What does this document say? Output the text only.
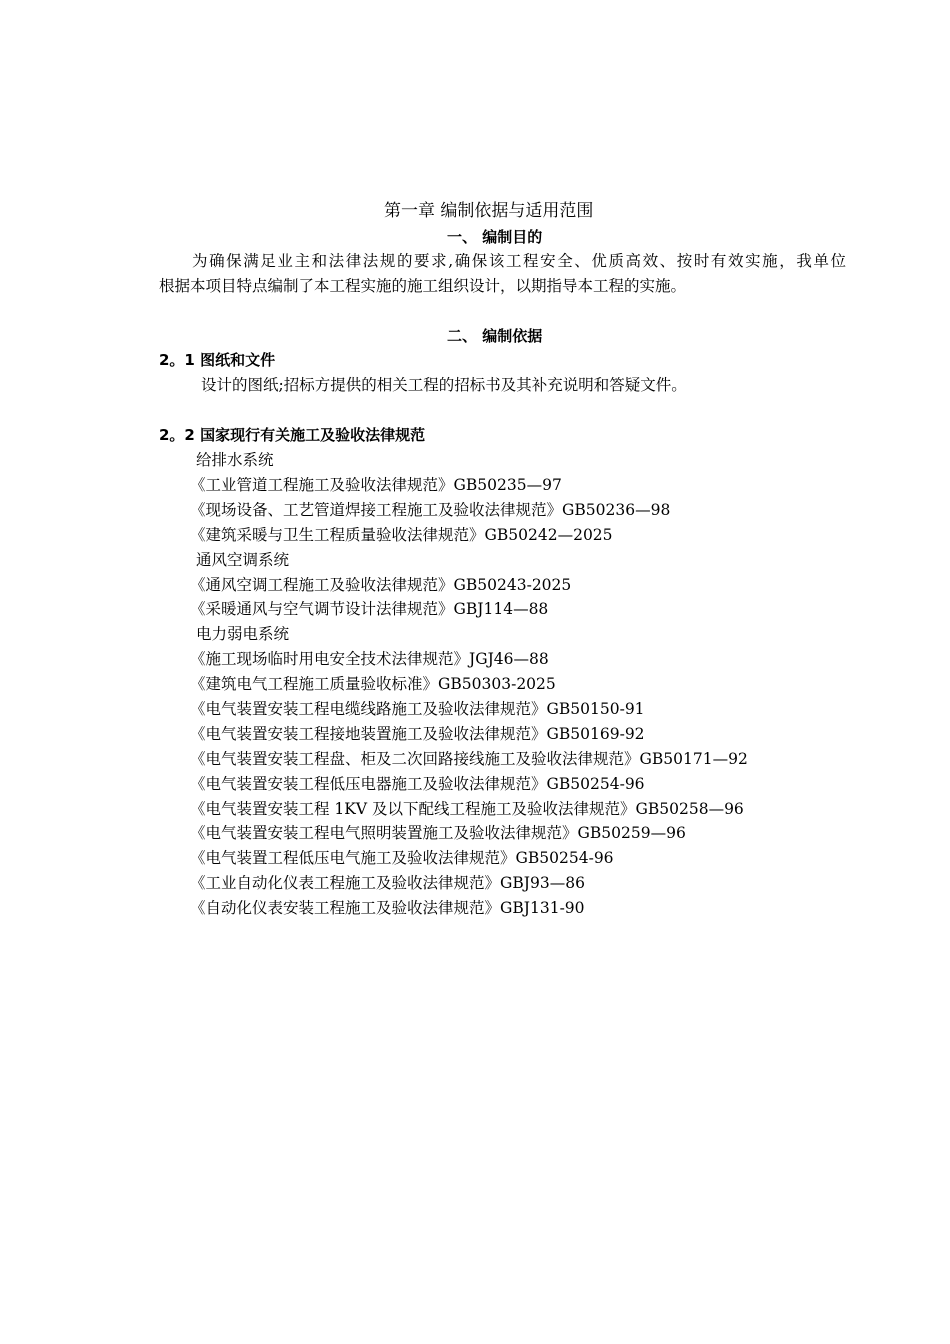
第一章 编制依据与适用范围
一、 编制目的
为确保满足业主和法律法规的要求,确保该工程安全、优质高效、按时有效实施，我单位
根据本项目特点编制了本工程实施的施工组织设计，以期指导本工程的实施。
二、 编制依据
2。1 图纸和文件
设计的图纸;招标方提供的相关工程的招标书及其补充说明和答疑文件。
2。2 国家现行有关施工及验收法律规范
给排水系统
《工业管道工程施工及验收法律规范》GB50235—97
《现场设备、工艺管道焊接工程施工及验收法律规范》GB50236—98
《建筑采暖与卫生工程质量验收法律规范》GB50242—2025
通风空调系统
《通风空调工程施工及验收法律规范》GB50243-2025
《采暖通风与空气调节设计法律规范》GBJ114—88
电力弱电系统
《施工现场临时用电安全技术法律规范》JGJ46—88
《建筑电气工程施工质量验收标准》GB50303-2025
《电气装置安装工程电缆线路施工及验收法律规范》GB50150-91
《电气装置安装工程接地装置施工及验收法律规范》GB50169-92
《电气装置安装工程盘、柜及二次回路接线施工及验收法律规范》GB50171—92
《电气装置安装工程低压电器施工及验收法律规范》GB50254-96
《电气装置安装工程 1KV 及以下配线工程施工及验收法律规范》GB50258—96
《电气装置安装工程电气照明装置施工及验收法律规范》GB50259—96
《电气装置工程低压电气施工及验收法律规范》GB50254-96
《工业自动化仪表工程施工及验收法律规范》GBJ93—86
《自动化仪表安装工程施工及验收法律规范》GBJ131-90
